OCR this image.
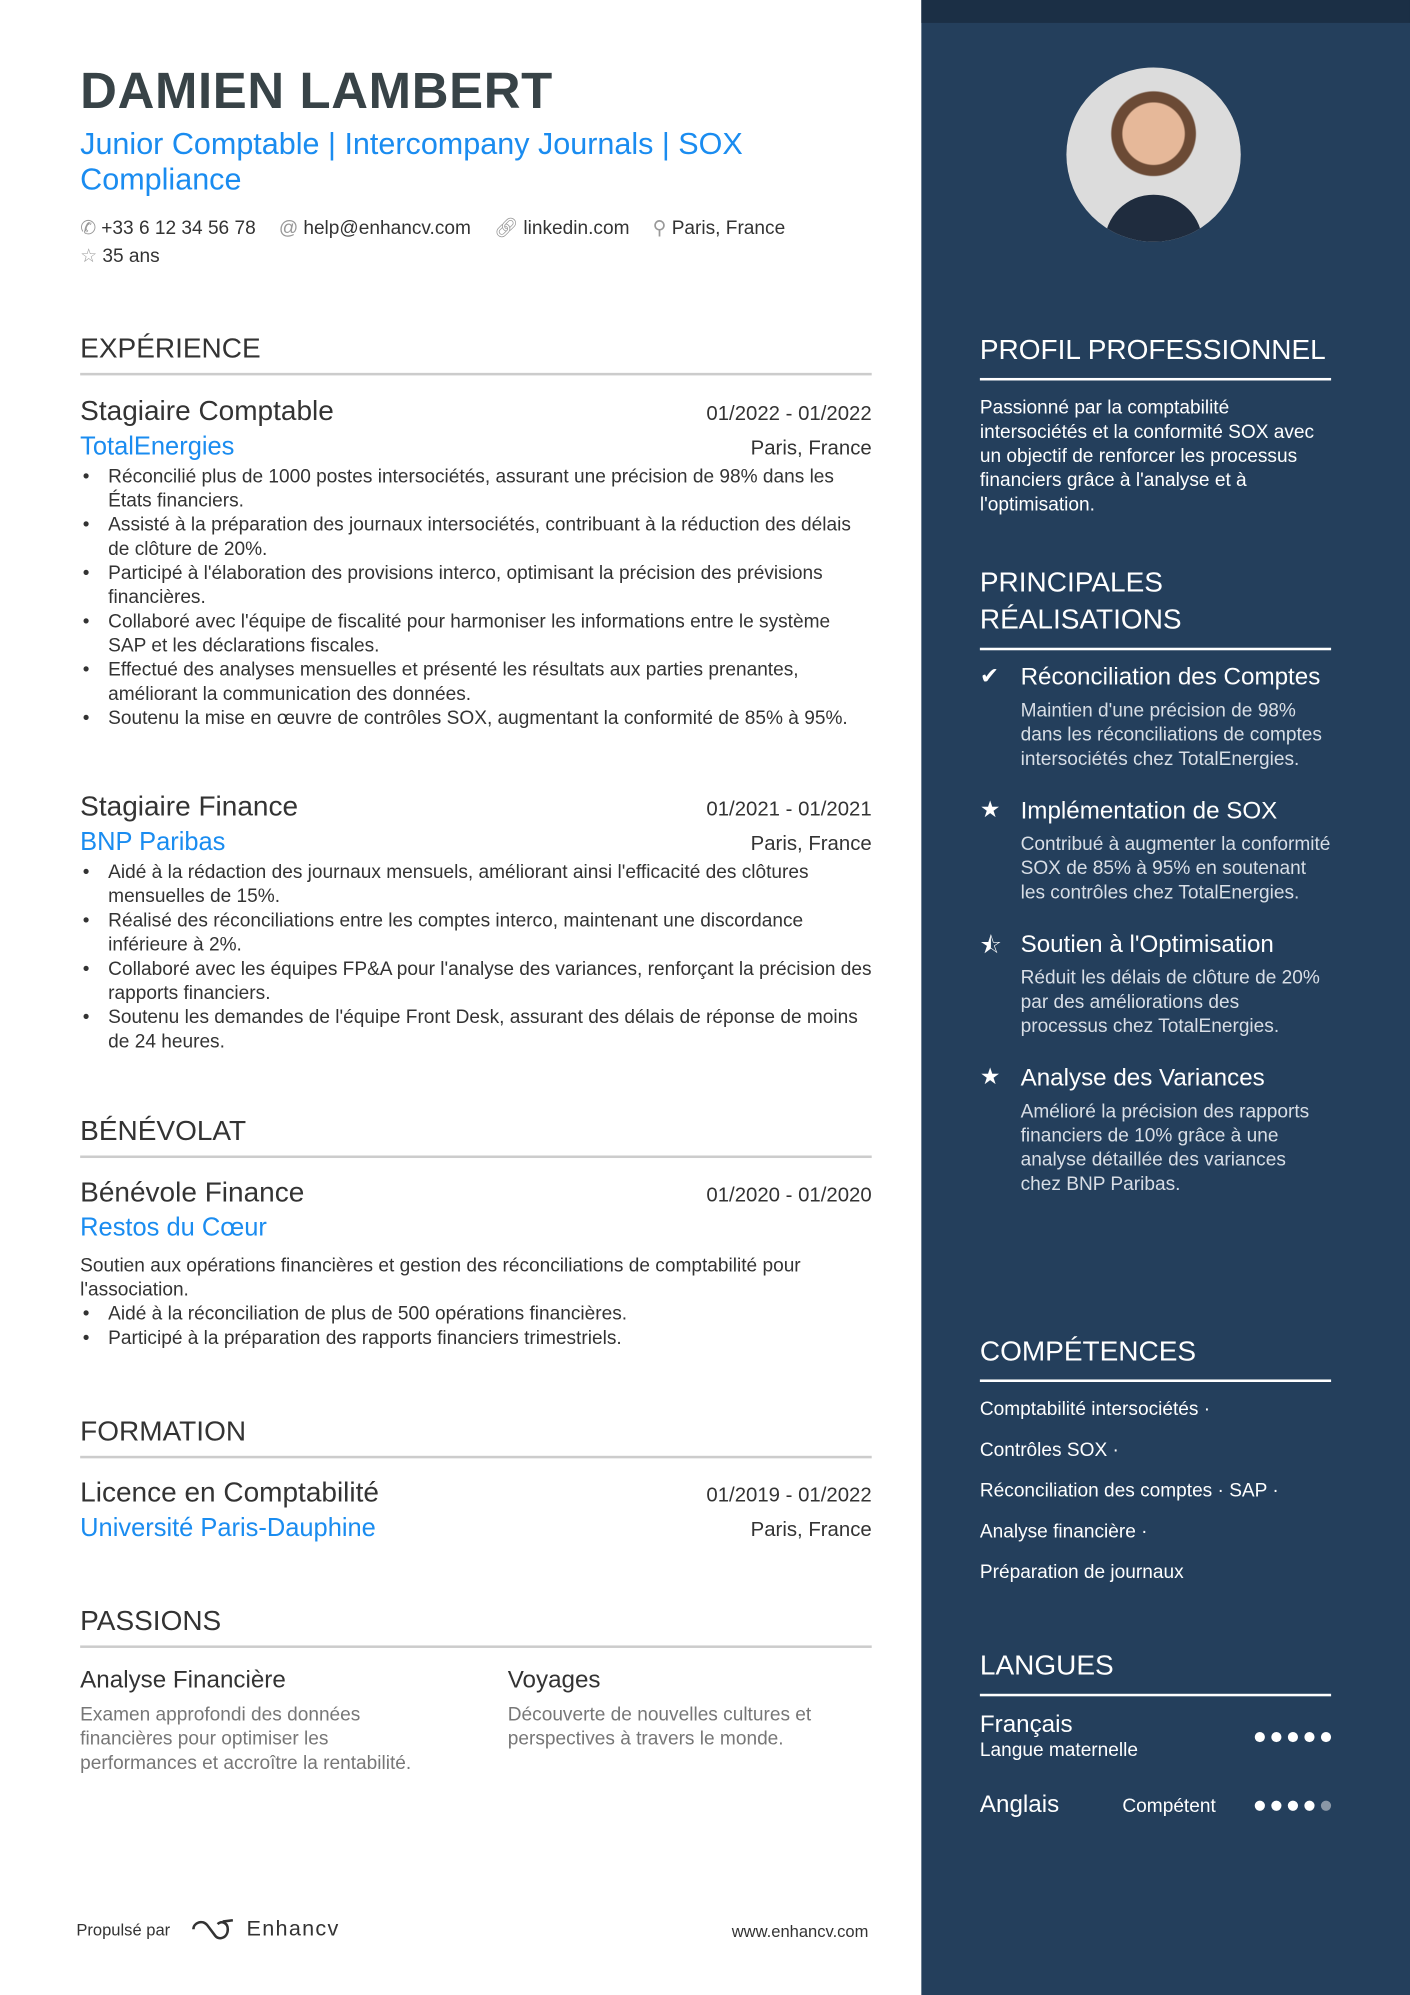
DAMIEN LAMBERT
Junior Comptable | Intercompany Journals | SOX Compliance
✆ +33 6 12 34 56 78 @ help@enhancv.com 🔗︎ linkedin.com ⚲ Paris, France
☆ 35 ans
EXPÉRIENCE
Stagiaire Comptable	01/2022 - 01/2022
TotalEnergies	Paris, France
• Réconcilié plus de 1000 postes intersociétés, assurant une précision de 98% dans les États financiers.
• Assisté à la préparation des journaux intersociétés, contribuant à la réduction des délais de clôture de 20%.
• Participé à l'élaboration des provisions interco, optimisant la précision des prévisions financières.
• Collaboré avec l'équipe de fiscalité pour harmoniser les informations entre le système SAP et les déclarations fiscales.
• Effectué des analyses mensuelles et présenté les résultats aux parties prenantes, améliorant la communication des données.
• Soutenu la mise en œuvre de contrôles SOX, augmentant la conformité de 85% à 95%.
Stagiaire Finance	01/2021 - 01/2021
BNP Paribas	Paris, France
• Aidé à la rédaction des journaux mensuels, améliorant ainsi l'efficacité des clôtures mensuelles de 15%.
• Réalisé des réconciliations entre les comptes interco, maintenant une discordance inférieure à 2%.
• Collaboré avec les équipes FP&A pour l'analyse des variances, renforçant la précision des rapports financiers.
• Soutenu les demandes de l'équipe Front Desk, assurant des délais de réponse de moins de 24 heures.
BÉNÉVOLAT
Bénévole Finance	01/2020 - 01/2020
Restos du Cœur
Soutien aux opérations financières et gestion des réconciliations de comptabilité pour l'association.
• Aidé à la réconciliation de plus de 500 opérations financières.
• Participé à la préparation des rapports financiers trimestriels.
FORMATION
Licence en Comptabilité	01/2019 - 01/2022
Université Paris-Dauphine	Paris, France
PASSIONS
Analyse Financière
Examen approfondi des données financières pour optimiser les performances et accroître la rentabilité.
Voyages
Découverte de nouvelles cultures et perspectives à travers le monde.
Propulsé par	Enhancv	www.enhancv.com
PROFIL PROFESSIONNEL
Passionné par la comptabilité intersociétés et la conformité SOX avec un objectif de renforcer les processus financiers grâce à l'analyse et à l'optimisation.
PRINCIPALES RÉALISATIONS
✔	Réconciliation des Comptes
Maintien d'une précision de 98% dans les réconciliations de comptes intersociétés chez TotalEnergies.
★	Implémentation de SOX
Contribué à augmenter la conformité SOX de 85% à 95% en soutenant les contrôles chez TotalEnergies.
⯪	Soutien à l'Optimisation
Réduit les délais de clôture de 20% par des améliorations des processus chez TotalEnergies.
★	Analyse des Variances
Amélioré la précision des rapports financiers de 10% grâce à une analyse détaillée des variances chez BNP Paribas.
COMPÉTENCES
Comptabilité intersociétés ·
Contrôles SOX ·
Réconciliation des comptes · SAP ·
Analyse financière ·
Préparation de journaux
LANGUES
Français
Langue maternelle
Anglais	Compétent
